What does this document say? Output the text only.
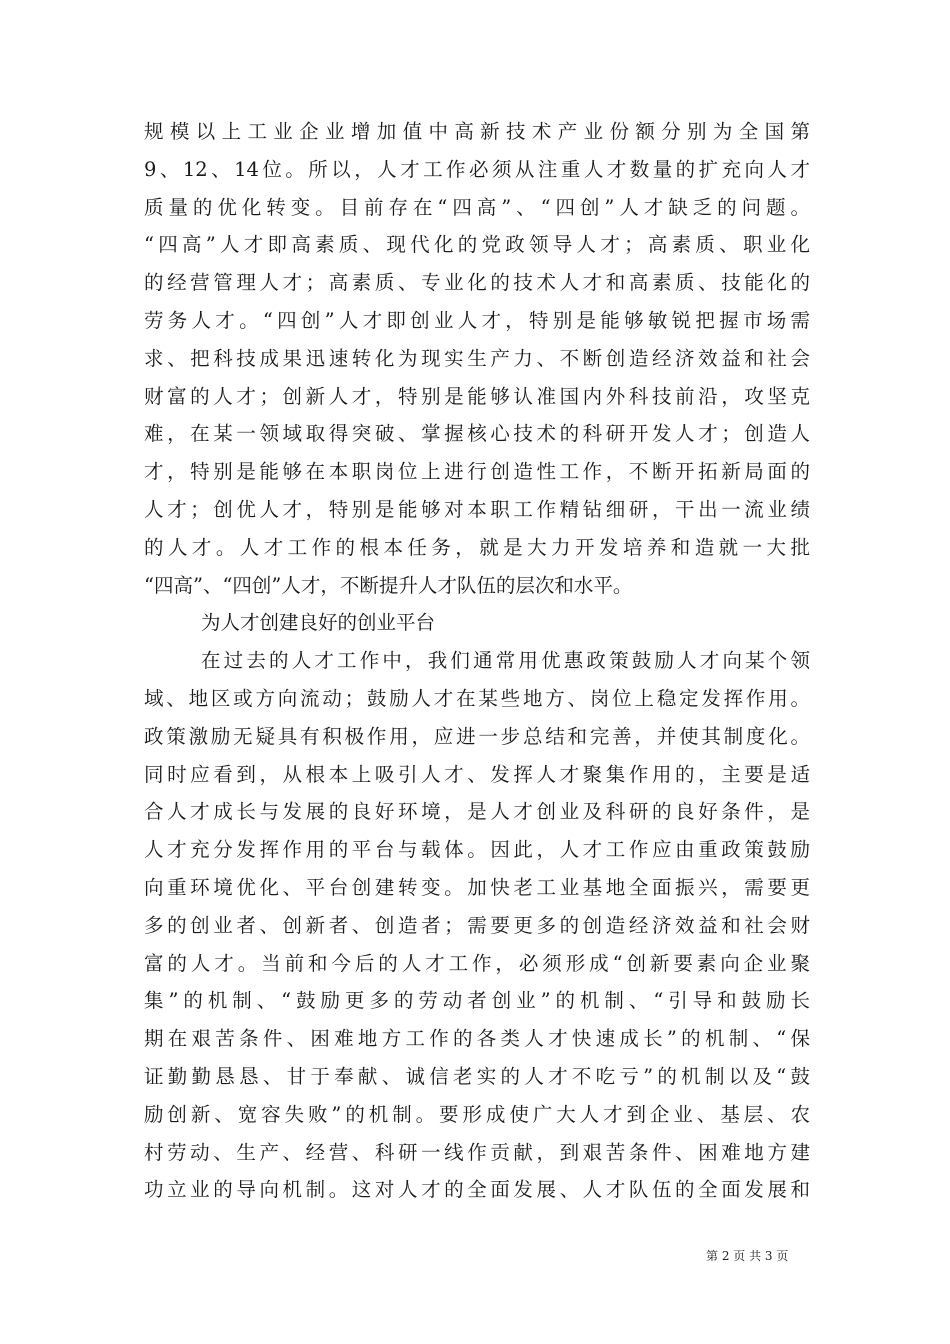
规模以上工业企业增加值中高新技术产业份额分别为全国第
9、12、14位。所以，人才工作必须从注重人才数量的扩充向人才
质量的优化转变。目前存在“四高”、“四创”人才缺乏的问题。
“四高”人才即高素质、现代化的党政领导人才；高素质、职业化
的经营管理人才；高素质、专业化的技术人才和高素质、技能化的
劳务人才。“四创”人才即创业人才，特别是能够敏锐把握市场需
求、把科技成果迅速转化为现实生产力、不断创造经济效益和社会
财富的人才；创新人才，特别是能够认准国内外科技前沿，攻坚克
难，在某一领域取得突破、掌握核心技术的科研开发人才；创造人
才，特别是能够在本职岗位上进行创造性工作，不断开拓新局面的
人才；创优人才，特别是能够对本职工作精钻细研，干出一流业绩
的人才。人才工作的根本任务，就是大力开发培养和造就一大批
“四高”、“四创”人才，不断提升人才队伍的层次和水平。
为人才创建良好的创业平台
在过去的人才工作中，我们通常用优惠政策鼓励人才向某个领
域、地区或方向流动；鼓励人才在某些地方、岗位上稳定发挥作用。
政策激励无疑具有积极作用，应进一步总结和完善，并使其制度化。
同时应看到，从根本上吸引人才、发挥人才聚集作用的，主要是适
合人才成长与发展的良好环境，是人才创业及科研的良好条件，是
人才充分发挥作用的平台与载体。因此，人才工作应由重政策鼓励
向重环境优化、平台创建转变。加快老工业基地全面振兴，需要更
多的创业者、创新者、创造者；需要更多的创造经济效益和社会财
富的人才。当前和今后的人才工作，必须形成“创新要素向企业聚
集”的机制、“鼓励更多的劳动者创业”的机制、“引导和鼓励长
期在艰苦条件、困难地方工作的各类人才快速成长”的机制、“保
证勤勤恳恳、甘于奉献、诚信老实的人才不吃亏”的机制以及“鼓
励创新、宽容失败”的机制。要形成使广大人才到企业、基层、农
村劳动、生产、经营、科研一线作贡献，到艰苦条件、困难地方建
功立业的导向机制。这对人才的全面发展、人才队伍的全面发展和
第 2 页 共 3 页
